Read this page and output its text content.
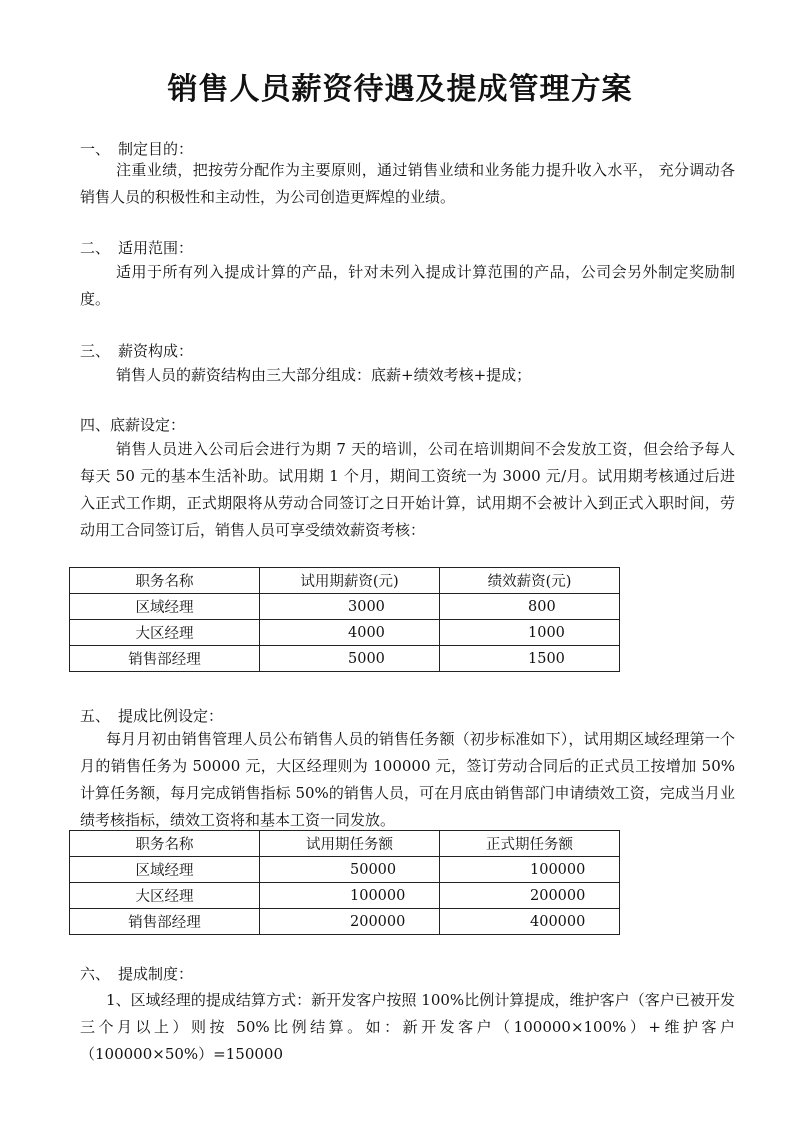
销售人员薪资待遇及提成管理方案
一、 制定目的：

注重业绩，把按劳分配作为主要原则，通过销售业绩和业务能力提升收入水平， 充分调动各销售人员的积极性和主动性，为公司创造更辉煌的业绩。

二、 适用范围：

适用于所有列入提成计算的产品，针对未列入提成计算范围的产品，公司会另外制定奖励制度。

三、 薪资构成：

销售人员的薪资结构由三大部分组成：底薪+绩效考核+提成；

四、底薪设定：

销售人员进入公司后会进行为期 7 天的培训，公司在培训期间不会发放工资，但会给予每人每天 50 元的基本生活补助。试用期 1 个月，期间工资统一为 3000 元/月。试用期考核通过后进入正式工作期，正式期限将从劳动合同签订之日开始计算，试用期不会被计入到正式入职时间，劳动用工合同签订后，销售人员可享受绩效薪资考核：

职务名称	试用期薪资(元)	绩效薪资(元)
区域经理	3000	800
大区经理	4000	1000
销售部经理	5000	1500
五、 提成比例设定：

每月月初由销售管理人员公布销售人员的销售任务额（初步标准如下），试用期区域经理第一个月的销售任务为 50000 元，大区经理则为 100000 元，签订劳动合同后的正式员工按增加 50%计算任务额，每月完成销售指标 50%的销售人员，可在月底由销售部门申请绩效工资，完成当月业绩考核指标，绩效工资将和基本工资一同发放。

职务名称	试用期任务额	正式期任务额
区域经理	50000	100000
大区经理	100000	200000
销售部经理	200000	400000
六、 提成制度：

1、区域经理的提成结算方式：新开发客户按照 100%比例计算提成，维护客户（客户已被开发三个月以上）则按 50%比例结算。如：新开发客户（100000×100%）+维护客户（100000×50%）=150000
